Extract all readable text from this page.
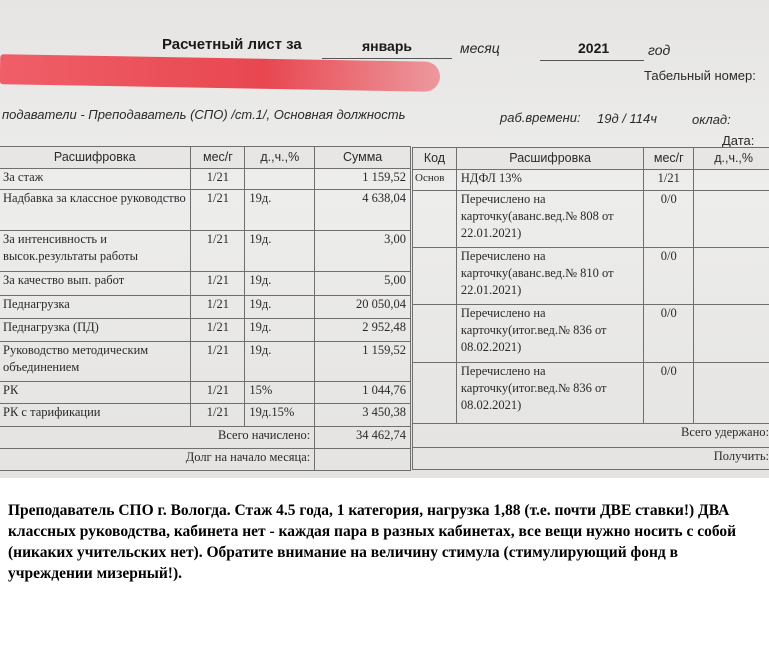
Расчетный лист за	январь	месяц	2021	год
Табельный номер:
подаватели - Преподаватель (СПО) /ст.1/, Основная должность	раб.времени: 19д / 114ч	оклад:
Дата:
Расшифровка	мес/г	д.,ч.,%	Сумма
За стаж	1/21		1 159,52
Надбавка за классное руководство	1/21	19д.	4 638,04
За интенсивность и высок.результаты работы	1/21	19д.	3,00
За качество вып. работ	1/21	19д.	5,00
Педнагрузка	1/21	19д.	20 050,04
Педнагрузка (ПД)	1/21	19д.	2 952,48
Руководство методическим объединением	1/21	19д.	1 159,52
РК	1/21	15%	1 044,76
РК с тарификации	1/21	19д.15%	3 450,38
Всего начислено:			34 462,74
Долг на начало месяца:			
Код	Расшифровка	мес/г	д.,ч.,%
Основ	НДФЛ 13%	1/21	
	Перечислено на карточку(аванс.вед.№ 808 от 22.01.2021)	0/0	
	Перечислено на карточку(аванс.вед.№ 810 от 22.01.2021)	0/0	
	Перечислено на карточку(итог.вед.№ 836 от 08.02.2021)	0/0	
	Перечислено на карточку(итог.вед.№ 836 от 08.02.2021)	0/0	
Всего удержано:			
Получить:			
Преподаватель СПО г. Вологда. Стаж 4.5 года, 1 категория, нагрузка 1,88 (т.е. почти ДВЕ ставки!) ДВА классных руководства, кабинета нет - каждая пара в разных кабинетах, все вещи нужно носить с собой (никаких учительских нет). Обратите внимание на величину стимула (стимулирующий фонд в учреждении мизерный!).
